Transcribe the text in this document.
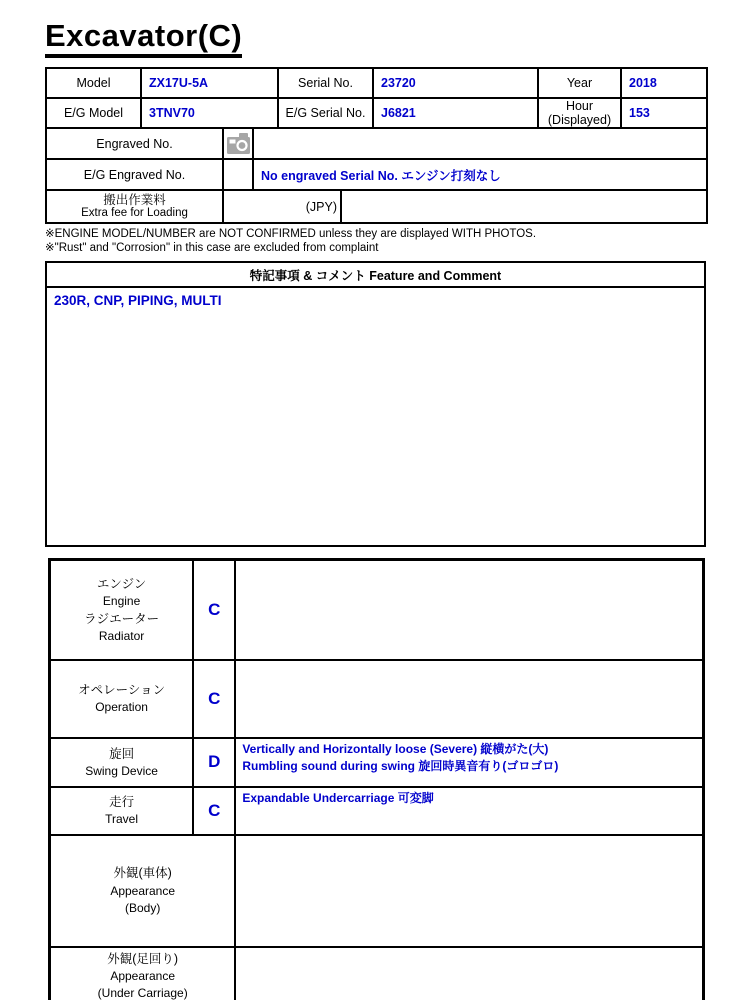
Excavator(C)
Model	ZX17U-5A	Serial No.	23720	Year	2018
E/G Model	3TNV70	E/G Serial No.	J6821	Hour
(Displayed)	153
Engraved No.	

E/G Engraved No.		No engraved Serial No. エンジン打刻なし
搬出作業料
Extra fee for Loading	(JPY)	
※ENGINE MODEL/NUMBER are NOT CONFIRMED unless they are displayed WITH PHOTOS.
※"Rust" and "Corrosion" in this case are excluded from complaint
特記事項 & コメント Feature and Comment
230R, CNP, PIPING, MULTI
エンジン
Engine
ラジエーター
Radiator	C	

オペレーション
Operation	C	

旋回
Swing Device	D	
Vertically and Horizontally loose (Severe) 縦横がた(大)
Rumbling sound during swing 旋回時異音有り(ゴロゴロ)

走行
Travel	C	Expandable Undercarriage 可変脚

外観(車体)
Appearance
(Body)		

外観(足回り)
Appearance
(Under Carriage)		
